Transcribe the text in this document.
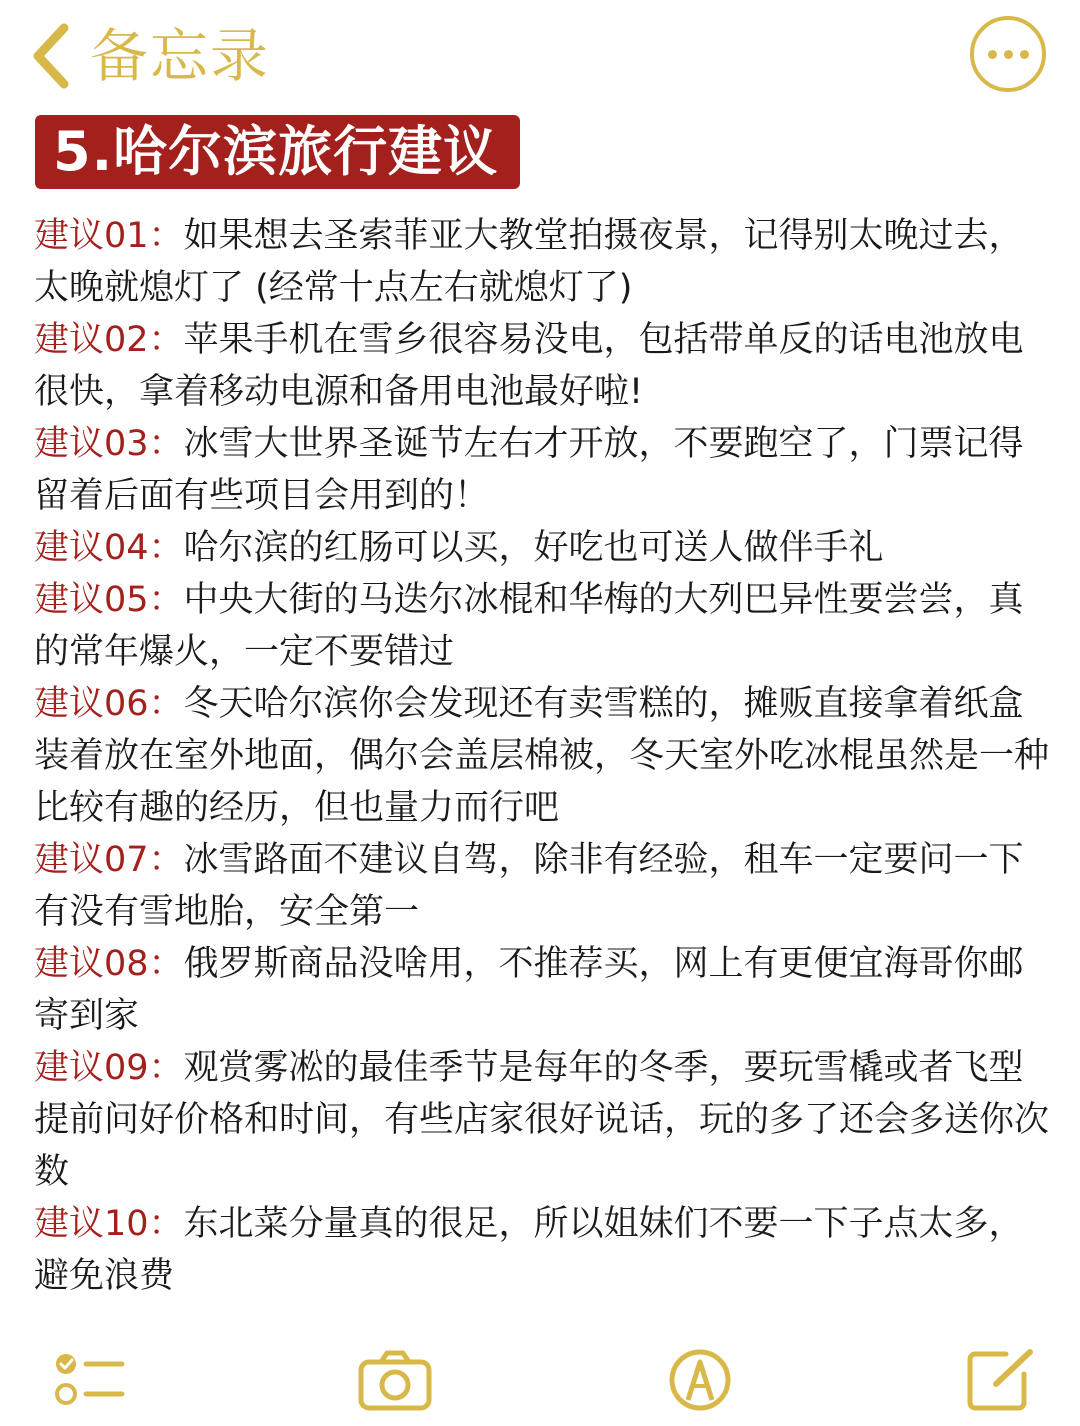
备忘录
5.哈尔滨旅行建议

建议01：如果想去圣索菲亚大教堂拍摄夜景，记得别太晚过去，太晚就熄灯了 (经常十点左右就熄灯了)

建议02：苹果手机在雪乡很容易没电，包括带单反的话电池放电很快，拿着移动电源和备用电池最好啦!

建议03：冰雪大世界圣诞节左右才开放，不要跑空了，门票记得留着后面有些项目会用到的！

建议04：哈尔滨的红肠可以买，好吃也可送人做伴手礼

建议05：中央大街的马迭尔冰棍和华梅的大列巴异性要尝尝，真的常年爆火，一定不要错过

建议06：冬天哈尔滨你会发现还有卖雪糕的，摊贩直接拿着纸盒装着放在室外地面，偶尔会盖层棉被，冬天室外吃冰棍虽然是一种比较有趣的经历，但也量力而行吧

建议07：冰雪路面不建议自驾，除非有经验，租车一定要问一下有没有雪地胎，安全第一

建议08：俄罗斯商品没啥用，不推荐买，网上有更便宜海哥你邮寄到家

建议09：观赏雾凇的最佳季节是每年的冬季，要玩雪橇或者飞型提前问好价格和时间，有些店家很好说话，玩的多了还会多送你次数

建议10：东北菜分量真的很足，所以姐妹们不要一下子点太多，避免浪费
